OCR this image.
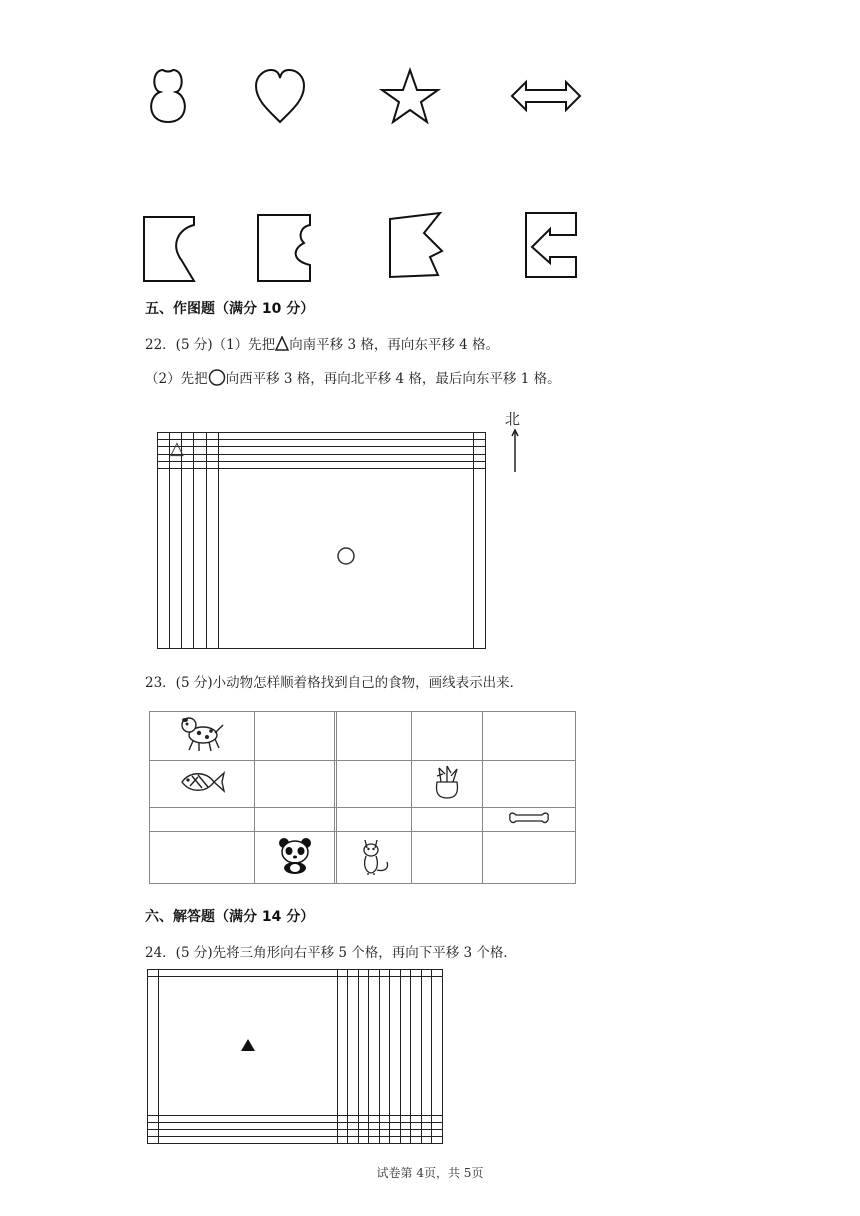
五、作图题（满分 10 分）
22．(5 分)（1）先把 向南平移 3 格，再向东平移 4 格。
（2）先把 向西平移 3 格，再向北平移 4 格，最后向东平移 1 格。
北
△						

23．(5 分)小动物怎样顺着格找到自己的食物，画线表示出来．

六、解答题（满分 14 分）
24．(5 分)先将三角形向右平移 5 个格，再向下平移 3 个格．

试卷第 4页，共 5页
